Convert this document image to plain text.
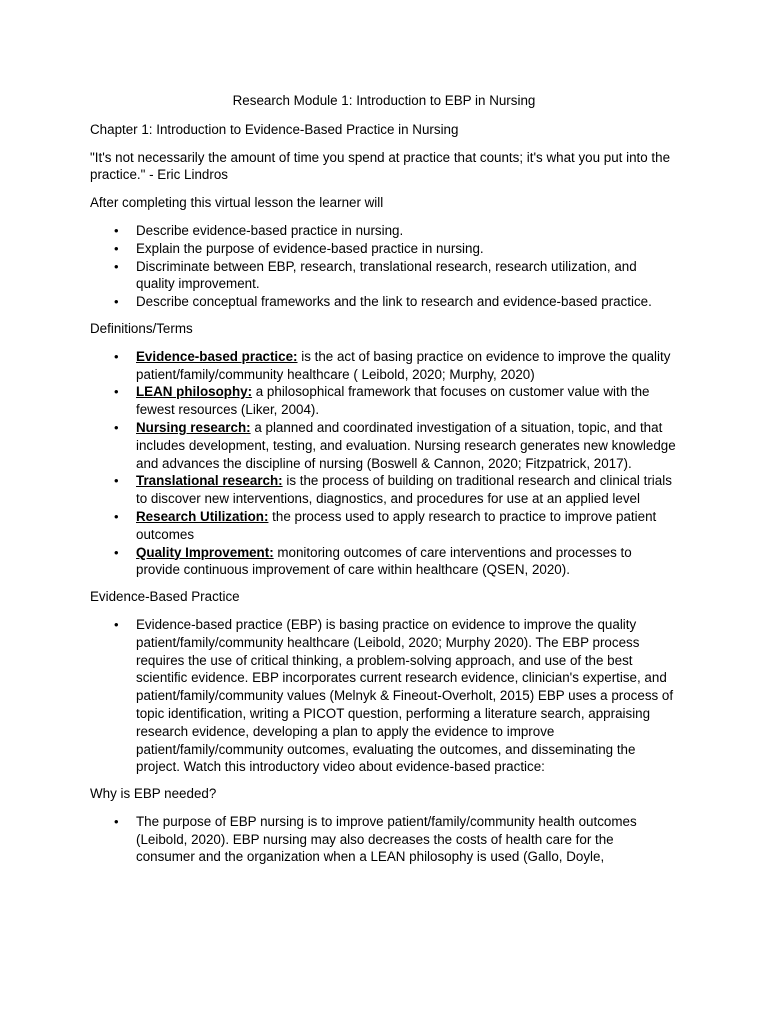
Research Module 1: Introduction to EBP in Nursing
Chapter 1: Introduction to Evidence-Based Practice in Nursing
"It's not necessarily the amount of time you spend at practice that counts; it's what you put into the practice." - Eric Lindros
After completing this virtual lesson the learner will
• Describe evidence-based practice in nursing.
• Explain the purpose of evidence-based practice in nursing.
• Discriminate between EBP, research, translational research, research utilization, and quality improvement.
• Describe conceptual frameworks and the link to research and evidence-based practice.
Definitions/Terms
• Evidence-based practice: is the act of basing practice on evidence to improve the quality patient/family/community healthcare ( Leibold, 2020; Murphy, 2020)
• LEAN philosophy: a philosophical framework that focuses on customer value with the fewest resources (Liker, 2004).
• Nursing research: a planned and coordinated investigation of a situation, topic, and that includes development, testing, and evaluation. Nursing research generates new knowledge and advances the discipline of nursing (Boswell & Cannon, 2020; Fitzpatrick, 2017).
• Translational research: is the process of building on traditional research and clinical trials to discover new interventions, diagnostics, and procedures for use at an applied level
• Research Utilization: the process used to apply research to practice to improve patient outcomes
• Quality Improvement: monitoring outcomes of care interventions and processes to provide continuous improvement of care within healthcare (QSEN, 2020).
Evidence-Based Practice
• Evidence-based practice (EBP) is basing practice on evidence to improve the quality patient/family/community healthcare (Leibold, 2020; Murphy 2020). The EBP process requires the use of critical thinking, a problem-solving approach, and use of the best scientific evidence. EBP incorporates current research evidence, clinician's expertise, and patient/family/community values (Melnyk & Fineout-Overholt, 2015) EBP uses a process of topic identification, writing a PICOT question, performing a literature search, appraising research evidence, developing a plan to apply the evidence to improve patient/family/community outcomes, evaluating the outcomes, and disseminating the project. Watch this introductory video about evidence-based practice:
Why is EBP needed?
• The purpose of EBP nursing is to improve patient/family/community health outcomes (Leibold, 2020). EBP nursing may also decreases the costs of health care for the consumer and the organization when a LEAN philosophy is used (Gallo, Doyle,
